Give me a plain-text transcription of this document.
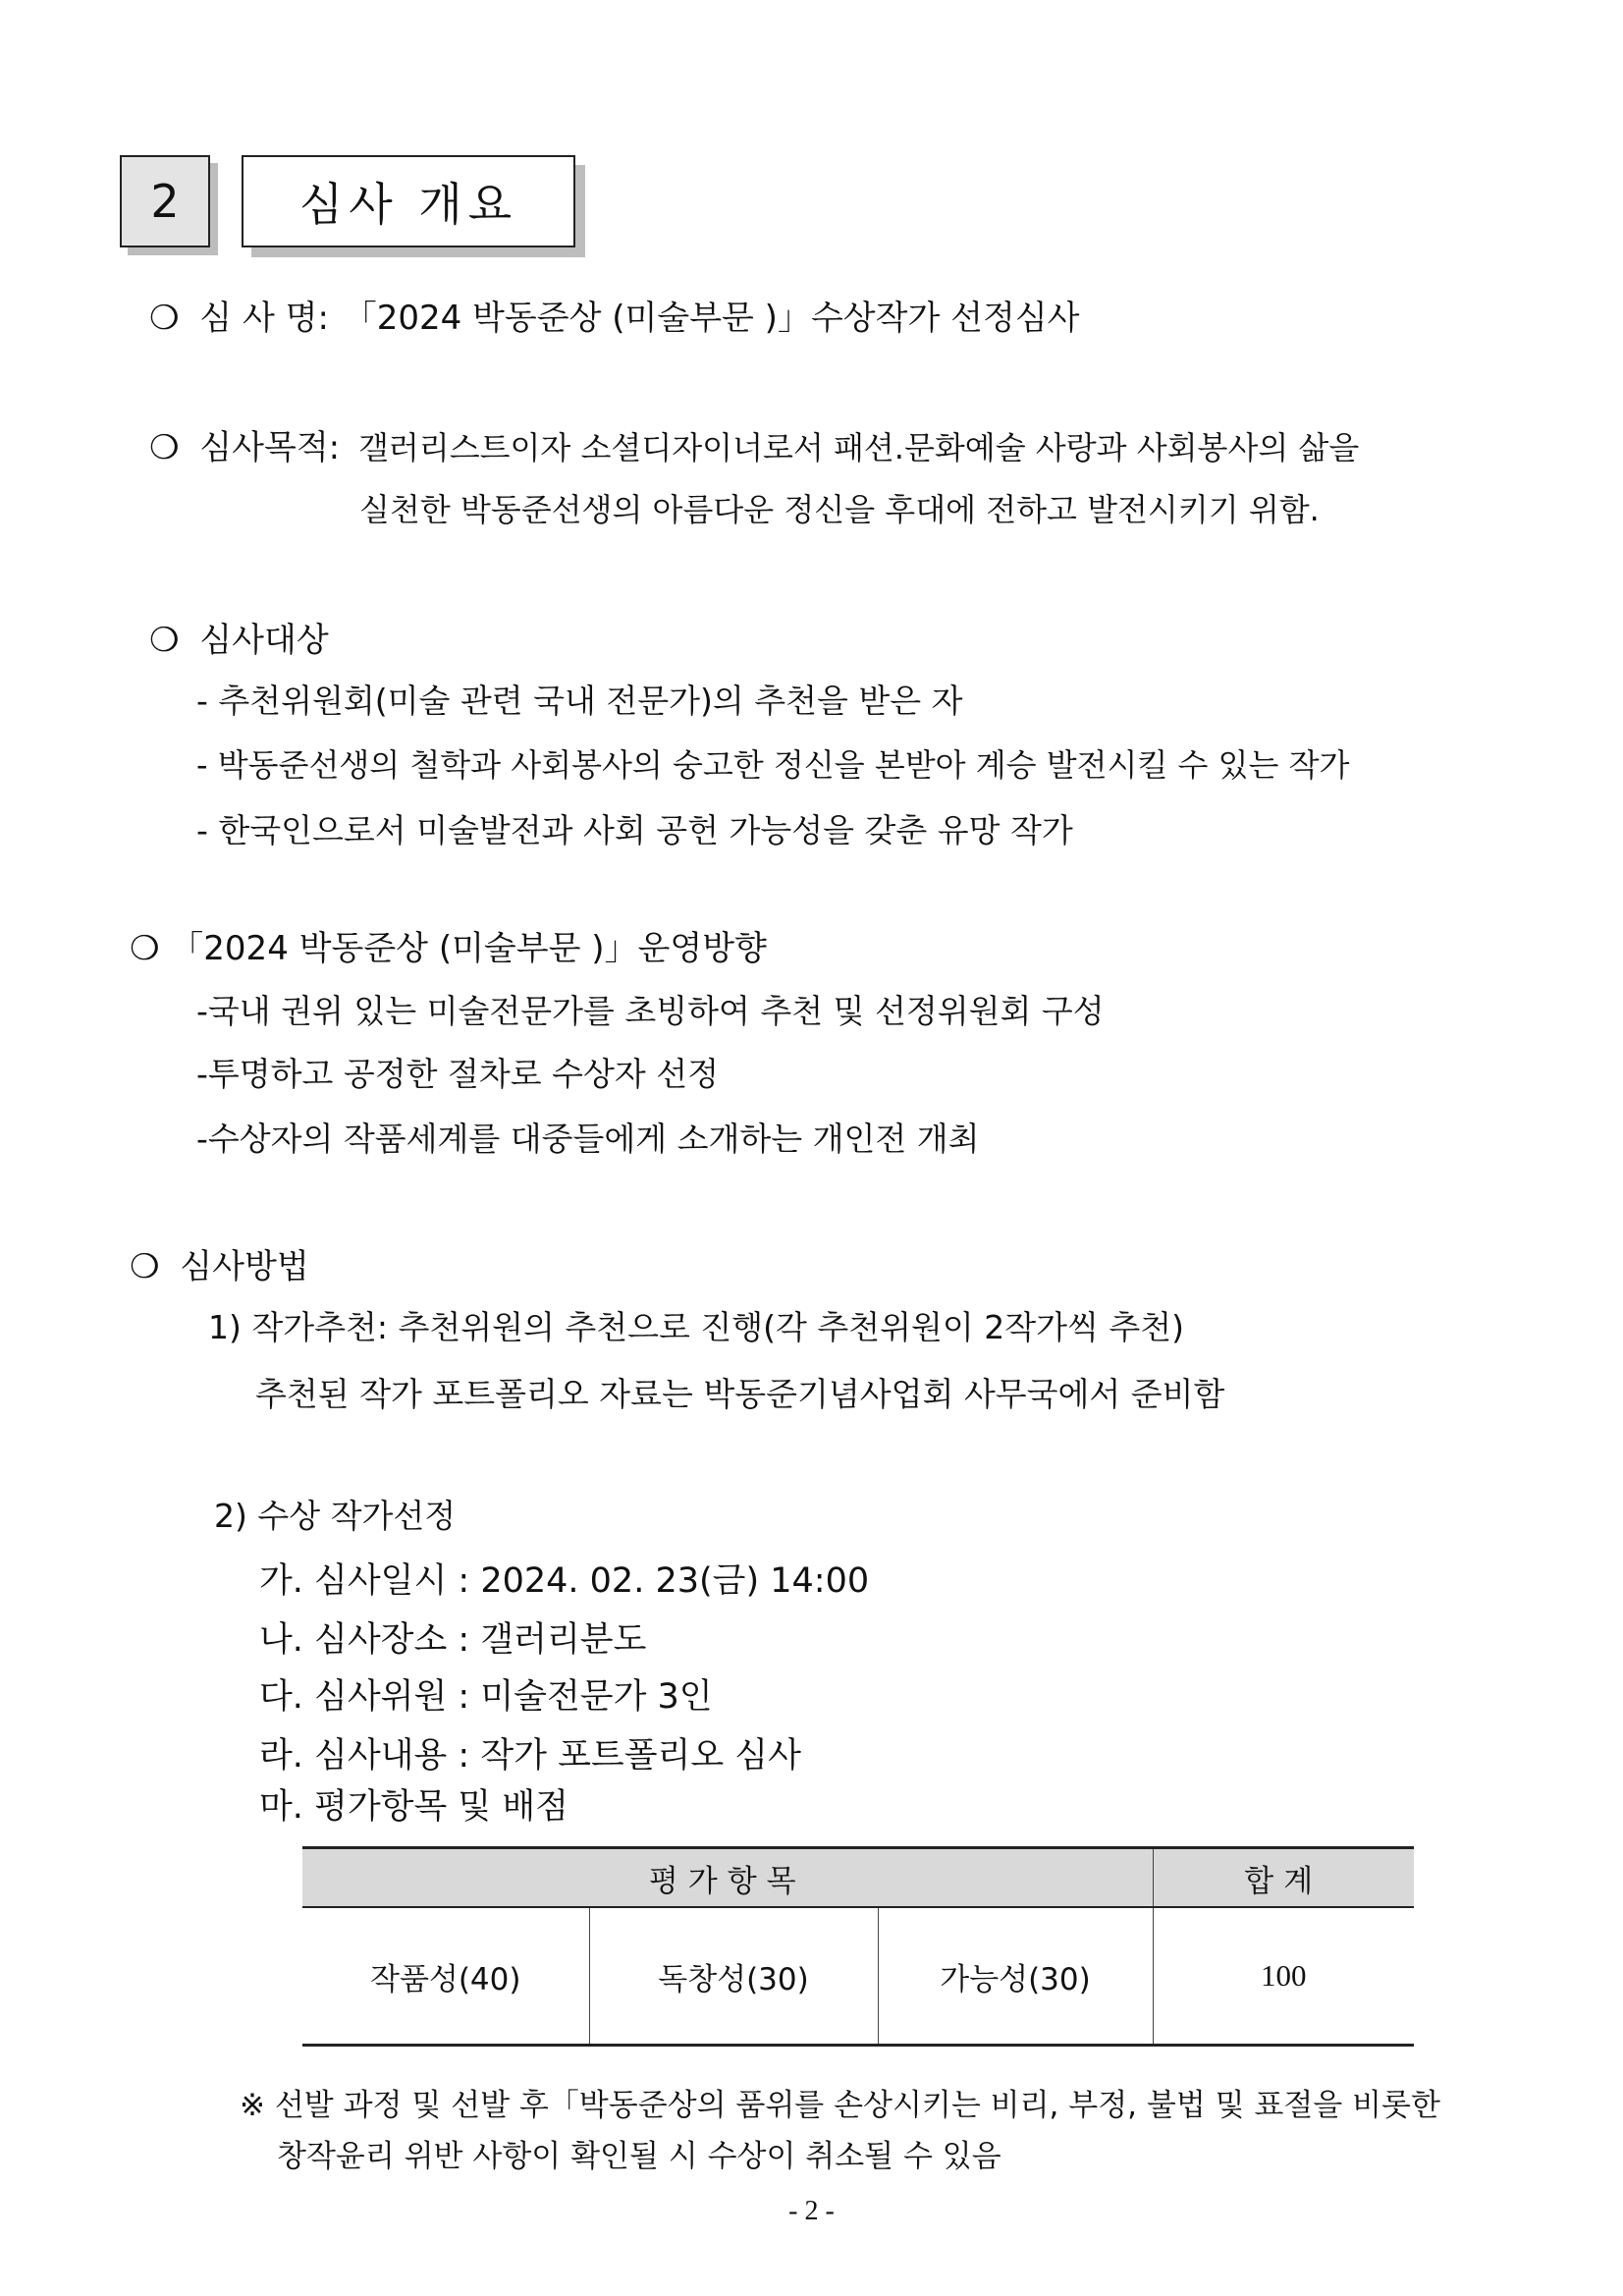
2	심사 개요
❍ 심 사 명: 「2024 박동준상 (미술부문 )」수상작가 선정심사
❍ 심사목적: 갤러리스트이자 소셜디자이너로서 패션.문화예술 사랑과 사회봉사의 삶을
실천한 박동준선생의 아름다운 정신을 후대에 전하고 발전시키기 위함.
❍ 심사대상
- 추천위원회(미술 관련 국내 전문가)의 추천을 받은 자
- 박동준선생의 철학과 사회봉사의 숭고한 정신을 본받아 계승 발전시킬 수 있는 작가
- 한국인으로서 미술발전과 사회 공헌 가능성을 갖춘 유망 작가
❍ 「2024 박동준상 (미술부문 )」운영방향
-국내 권위 있는 미술전문가를 초빙하여 추천 및 선정위원회 구성
-투명하고 공정한 절차로 수상자 선정
-수상자의 작품세계를 대중들에게 소개하는 개인전 개최
❍ 심사방법
1) 작가추천: 추천위원의 추천으로 진행(각 추천위원이 2작가씩 추천)
추천된 작가 포트폴리오 자료는 박동준기념사업회 사무국에서 준비함
2) 수상 작가선정
가. 심사일시 : 2024. 02. 23(금) 14:00
나. 심사장소 : 갤러리분도
다. 심사위원 : 미술전문가 3인
라. 심사내용 : 작가 포트폴리오 심사
마. 평가항목 및 배점
평가항목			합계
작품성(40)	독창성(30)	가능성(30)	100
※ 선발 과정 및 선발 후「박동준상의 품위를 손상시키는 비리, 부정, 불법 및 표절을 비롯한
창작윤리 위반 사항이 확인될 시 수상이 취소될 수 있음
- 2 -
